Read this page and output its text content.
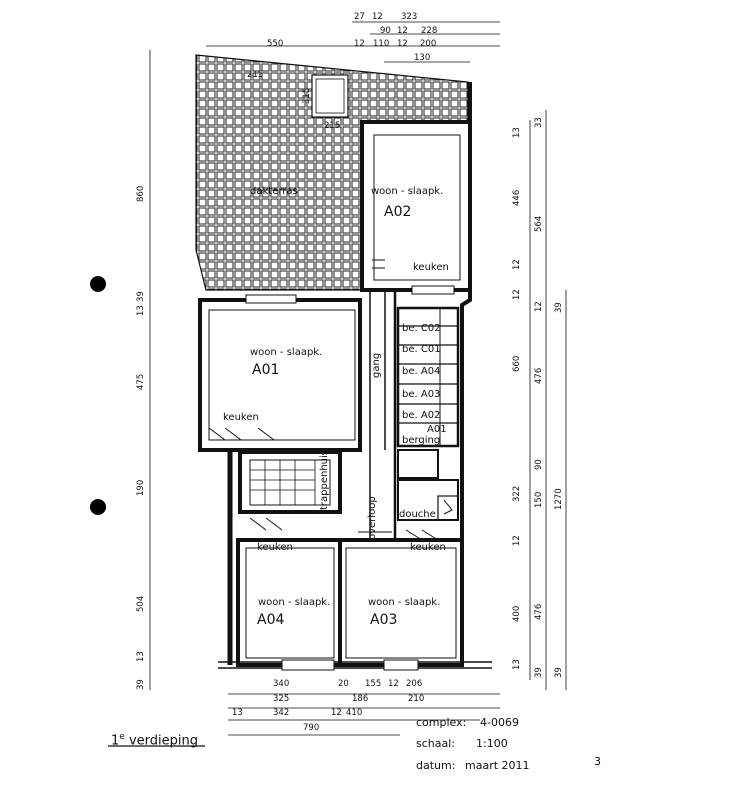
dakterras	woon - slaapk.
A02
keuken
woon - slaapk.
A01
keuken
gang
trappenhuis
overloop
be. C02
be. C01
be. A04
be. A03
be. A02
A01
berging
douche
keuken
woon - slaapk.
A04
keuken
woon - slaapk.
A03
27 12 323
90 12 228
550	12 110 12 200
130
215
215
315
860
13
39
475
190
504
13
39
13
446
12
12
660
322
12
400
13
33
564
12
476
90
150
476
39
39
1270
39
340	20 155 12 206
325	186	210
13	342	12 410
790
1e verdieping
complex: 4-0069
schaal: 1:100
datum: maart 2011	3
